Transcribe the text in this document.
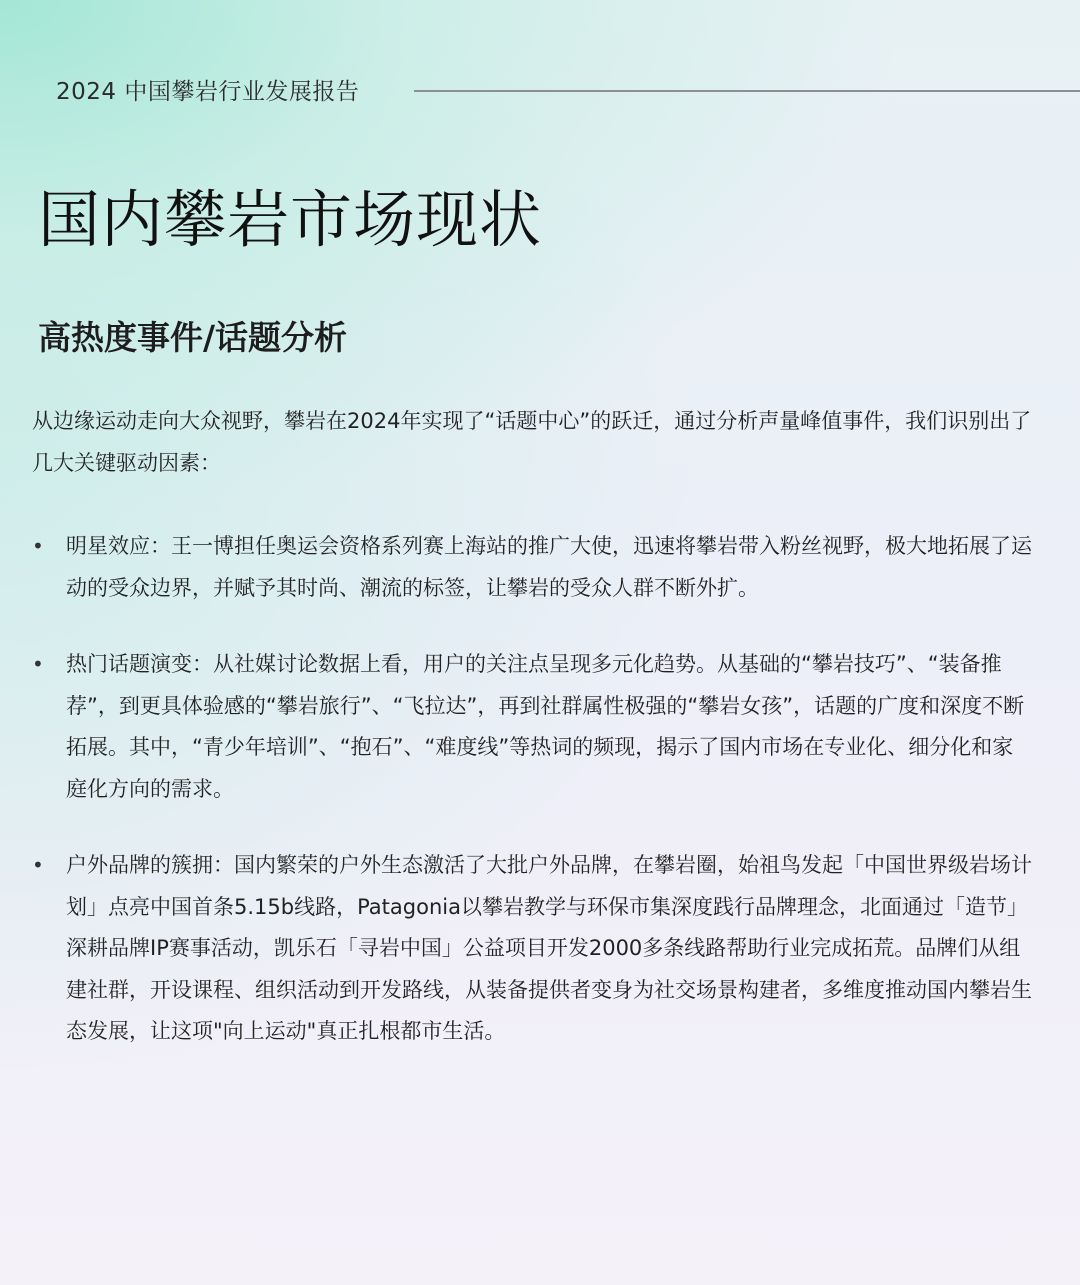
2024 中国攀岩行业发展报告
国内攀岩市场现状
高热度事件/话题分析

从边缘运动走向大众视野，攀岩在2024年实现了“话题中心”的跃迁，通过分析声量峰值事件，我们识别出了几大关键驱动因素：

• 明星效应：王一博担任奥运会资格系列赛上海站的推广大使，迅速将攀岩带入粉丝视野，极大地拓展了运动的受众边界，并赋予其时尚、潮流的标签，让攀岩的受众人群不断外扩。
• 热门话题演变：从社媒讨论数据上看，用户的关注点呈现多元化趋势。从基础的“攀岩技巧”、“装备推荐”，到更具体验感的“攀岩旅行”、“飞拉达”，再到社群属性极强的“攀岩女孩”，话题的广度和深度不断拓展。其中，“青少年培训”、“抱石”、“难度线”等热词的频现，揭示了国内市场在专业化、细分化和家庭化方向的需求。
• 户外品牌的簇拥：国内繁荣的户外生态激活了大批户外品牌，在攀岩圈，始祖鸟发起「中国世界级岩场计划」点亮中国首条5.15b线路，Patagonia以攀岩教学与环保市集深度践行品牌理念，北面通过「造节」深耕品牌IP赛事活动，凯乐石「寻岩中国」公益项目开发2000多条线路帮助行业完成拓荒。品牌们从组建社群，开设课程、组织活动到开发路线，从装备提供者变身为社交场景构建者，多维度推动国内攀岩生态发展，让这项"向上运动"真正扎根都市生活。
